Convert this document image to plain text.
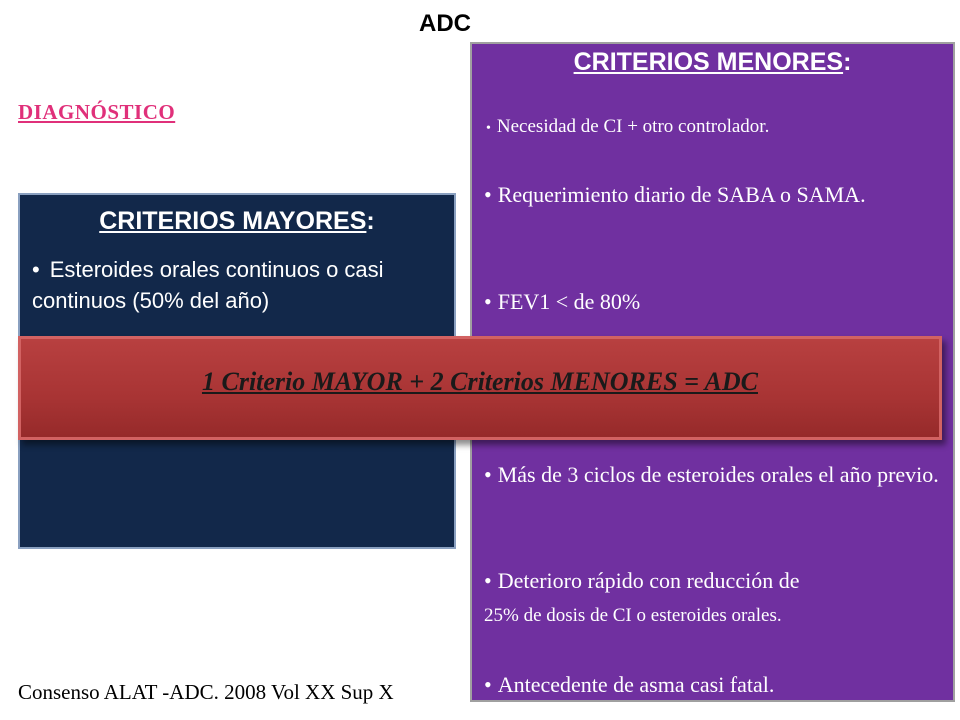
ADC
DIAGNÓSTICO
CRITERIOS MAYORES:
• Esteroides orales continuos o casi continuos (50% del año)
CRITERIOS MENORES:
• Necesidad de CI + otro controlador.
• Requerimiento diario de SABA o SAMA.
• FEV1 < de 80%
• Más de 3 ciclos de esteroides orales el año previo.
• Deterioro rápido con reducción de
25% de dosis de CI o esteroides orales.
• Antecedente de asma casi fatal.
1 Criterio MAYOR + 2 Criterios MENORES = ADC
Consenso ALAT -ADC. 2008 Vol XX Sup X
